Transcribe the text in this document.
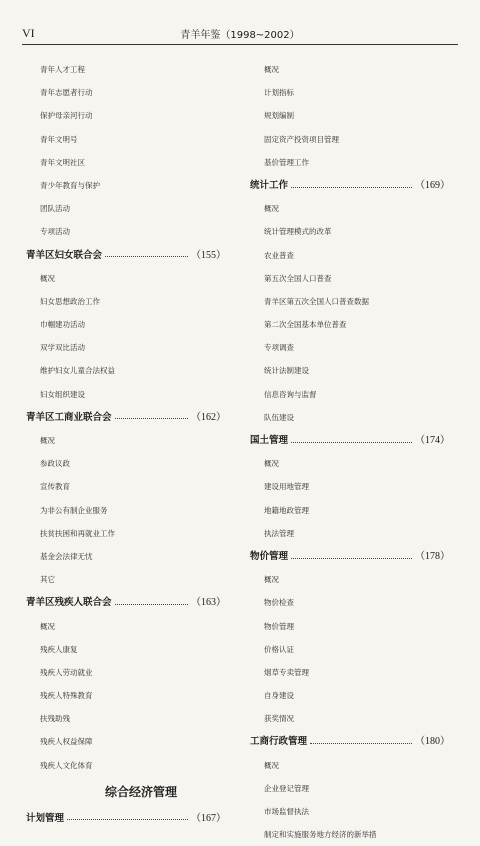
VI	青羊年鉴（1998~2002）
青年人才工程
青年志愿者行动
保护母亲河行动
青年文明号
青年文明社区
青少年教育与保护
团队活动
专项活动
青羊区妇女联合会	（155）
概况
妇女思想政治工作
巾帼建功活动
双学双比活动
维护妇女儿童合法权益
妇女组织建设
青羊区工商业联合会	（162）
概况
参政议政
宣传教育
为非公有制企业服务
扶贫扶困和再就业工作
基金会法律无忧
其它
青羊区残疾人联合会	（163）
概况
残疾人康复
残疾人劳动就业
残疾人特殊教育
扶残助残
残疾人权益保障
残疾人文化体育
综合经济管理
计划管理	（167）
概况
计划指标
规划编制
固定资产投资项目管理
基价管理工作
统计工作	（169）
概况
统计管理模式的改革
农业普查
第五次全国人口普查
青羊区第五次全国人口普查数据
第二次全国基本单位普查
专项调查
统计法制建设
信息咨询与监督
队伍建设
国土管理	（174）
概况
建设用地管理
地籍地政管理
执法管理
物价管理	（178）
概况
物价检查
物价管理
价格认证
烟草专卖管理
自身建设
获奖情况
工商行政管理	（180）
概况
企业登记管理
市场监督执法
制定和实施服务地方经济的新举措
